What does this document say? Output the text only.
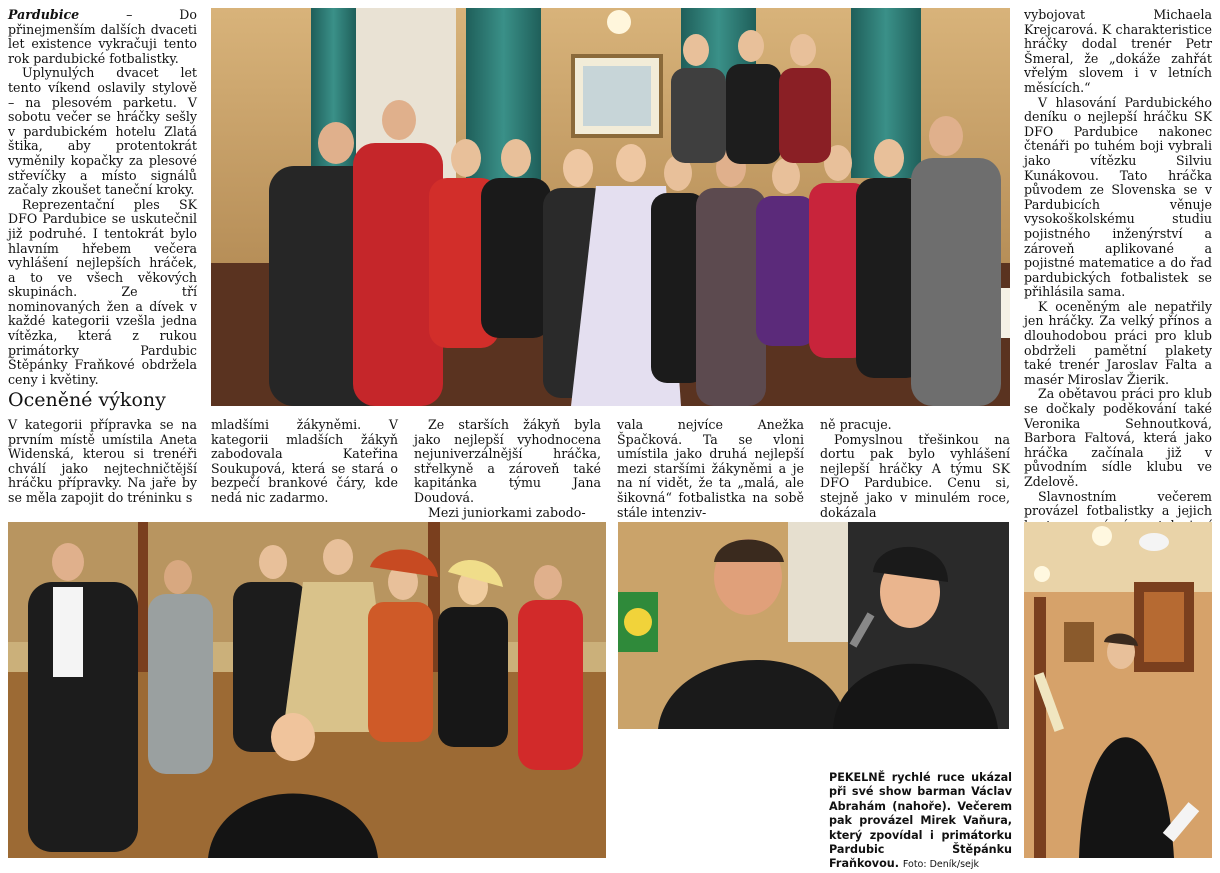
Pardubice	– Do přinejmenším dalších dvaceti let existence vykračuji tento rok pardubické fotbalistky.

Uplynulých dvacet let tento víkend oslavily stylově – na plesovém parketu. V sobotu večer se hráčky sešly v pardubickém hotelu Zlatá štika, aby protentokrát vyměnily kopačky za plesové střevíčky a místo signálů začaly zkoušet taneční kroky.

Reprezentační ples SK DFO Pardubice se uskutečnil již podruhé. I tentokrát bylo hlavním hřebem večera vyhlášení nejlepších hráček, a to ve všech věkových skupinách. Ze tří nominovaných žen a dívek v každé kategorii vzešla jedna vítězka, která z rukou primátorky Pardubic Štěpánky Fraňkové obdržela ceny i květiny.

Oceněné výkony

V kategorii přípravka se na prvním místě umístila Aneta Widenská, kterou si trenéři chválí jako nejtechničtější hráčku přípravky. Na jaře by se měla zapojit do tréninku s

mladšími žákyněmi. V kategorii mladších žákyň zabodovala Kateřina Soukupová, která se stará o bezpečí brankové čáry, kde nedá nic zadarmo.

Ze starších žákyň byla jako nejlepší vyhodnocena nejuniverzálnější hráčka, střelkyně a zároveň také kapitánka týmu Jana Doudová.

Mezi juniorkami zabodo-

vala nejvíce Anežka Špačková. Ta se vloni umístila jako druhá nejlepší mezi staršími žákyněmi a je na ní vidět, že ta „malá, ale šikovná“ fotbalistka na sobě stále intenziv-

ně pracuje.

Pomyslnou třešinkou na dortu pak bylo vyhlášení nejlepší hráčky A týmu SK DFO Pardubice. Cenu si, stejně jako v minulém roce, dokázala

vybojovat Michaela Krejcarová. K charakteristice hráčky dodal trenér Petr Šmeral, že „dokáže zahřát vřelým slovem i v letních měsících.“

V hlasování Pardubického deníku o nejlepší hráčku SK DFO Pardubice nakonec čtenáři po tuhém boji vybrali jako vítězku Silviu Kunákovou. Tato hráčka původem ze Slovenska se v Pardubicích věnuje vysokoškolskému studiu pojistného inženýrství a zároveň aplikované a pojistné matematice a do řad pardubických fotbalistek se přihlásila sama.

K oceněným ale nepatřily jen hráčky. Za velký přínos a dlouhodobou práci pro klub obdrželi pamětní plakety také trenér Jaroslav Falta a masér Miroslav Žierik.

Za obětavou práci pro klub se dočkaly poděkování také Veronika Sehnoutková, Barbora Faltová, která jako hráčka začínala již v původním sídle klubu ve Zdelově.

Slavnostním večerem provázel fotbalistky a jejich

PEKELNĚ rychlé ruce ukázal při své show barman Václav Abrahám (nahoře). Večerem pak provázel Mirek Vaňura, který zpovídal i primátorku Pardubic Štěpánku Fraňkovou. Foto: Deník/sejk
